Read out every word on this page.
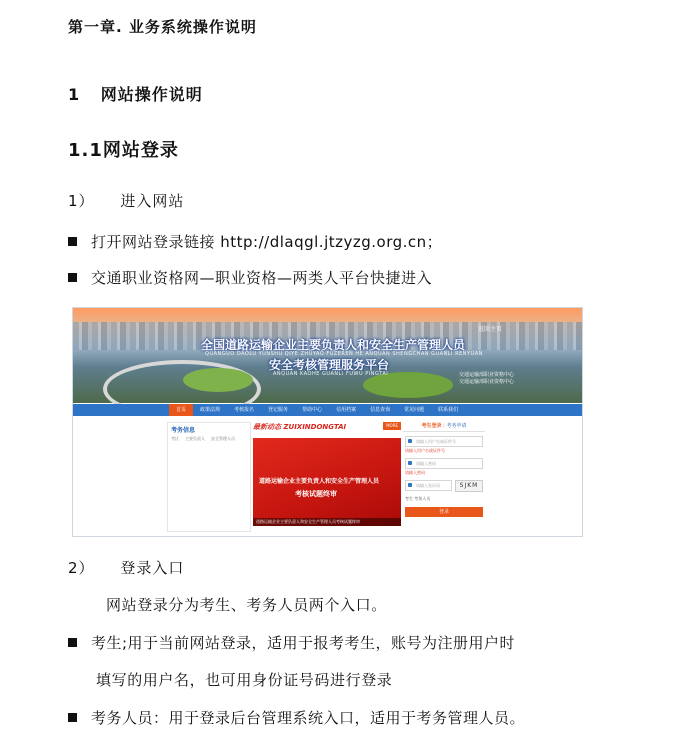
第一章. 业务系统操作说明
1 网站操作说明
1.1网站登录
1） 进入网站
打开网站登录链接 http://dlaqgl.jtzyzg.org.cn；
交通职业资格网—职业资格—两类人平台快捷进入
返回主页
全国道路运输企业主要负责人和安全生产管理人员
QUANGUO DAOLU YUNSHU QIYE ZHUYAO FUZEREN HE ANQUAN SHENGCHAN GUANLI RENYUAN
安全考核管理服务平台
ANQUAN KAOHE GUANLI FUWU PINGTAI	交通运输部职业资格中心
交通运输部职业资格中心
首页	政策法规	考核报名	登记服务	帮助中心	信用档案	信息查询	常见问题	联系我们
考务信息
考区 主要负责人 安全管理人员
最新动态 ZUIXINDONGTAI	MORE
道路运输企业主要负责人和安全生产管理人员
考核试题终审
道路运输企业主要负责人和安全生产管理人员考核试题终审
考生登录 | 考务申请
请输入用户名或证件号
请输入用户名或证件号
请输入密码
请输入密码
请输入验证码	SJKM
考生 考务人员
登录
2） 登录入口
网站登录分为考生、考务人员两个入口。
考生;用于当前网站登录，适用于报考考生，账号为注册用户时
填写的用户名，也可用身份证号码进行登录
考务人员：用于登录后台管理系统入口，适用于考务管理人员。
